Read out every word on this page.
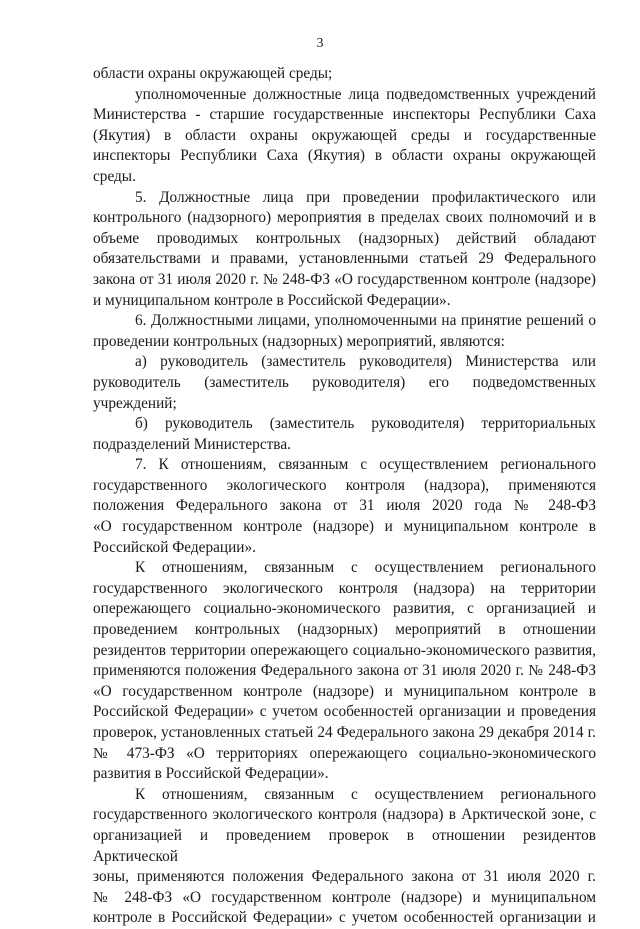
3

области охраны окружающей среды;

уполномоченные должностные лица подведомственных учреждений

Министерства - старшие государственные инспекторы Республики Саха

(Якутия) в области охраны окружающей среды и государственные

инспекторы Республики Саха (Якутия) в области охраны окружающей среды.

5. Должностные лица при проведении профилактического или

контрольного (надзорного) мероприятия в пределах своих полномочий и в

объеме проводимых контрольных (надзорных) действий обладают

обязательствами и правами, установленными статьей 29 Федерального

закона от 31 июля 2020 г. № 248-ФЗ «О государственном контроле (надзоре)

и муниципальном контроле в Российской Федерации».

6. Должностными лицами, уполномоченными на принятие решений о

проведении контрольных (надзорных) мероприятий, являются:

а) руководитель (заместитель руководителя) Министерства или

руководитель (заместитель руководителя) его подведомственных

учреждений;

б) руководитель (заместитель руководителя) территориальных

подразделений Министерства.

7. К отношениям, связанным с осуществлением регионального

государственного экологического контроля (надзора), применяются

положения Федерального закона от 31 июля 2020 года № 248-ФЗ

«О государственном контроле (надзоре) и муниципальном контроле в

Российской Федерации».

К отношениям, связанным с осуществлением регионального

государственного экологического контроля (надзора) на территории

опережающего социально-экономического развития, с организацией и

проведением контрольных (надзорных) мероприятий в отношении

резидентов территории опережающего социально-экономического развития,

применяются положения Федерального закона от 31 июля 2020 г. № 248-ФЗ

«О государственном контроле (надзоре) и муниципальном контроле в

Российской Федерации» с учетом особенностей организации и проведения

проверок, установленных статьей 24 Федерального закона 29 декабря 2014 г.

№ 473-ФЗ «О территориях опережающего социально-экономического

развития в Российской Федерации».

К отношениям, связанным с осуществлением регионального

государственного экологического контроля (надзора) в Арктической зоне, с

организацией и проведением проверок в отношении резидентов Арктической

зоны, применяются положения Федерального закона от 31 июля 2020 г.

№ 248-ФЗ «О государственном контроле (надзоре) и муниципальном

контроле в Российской Федерации» с учетом особенностей организации и
